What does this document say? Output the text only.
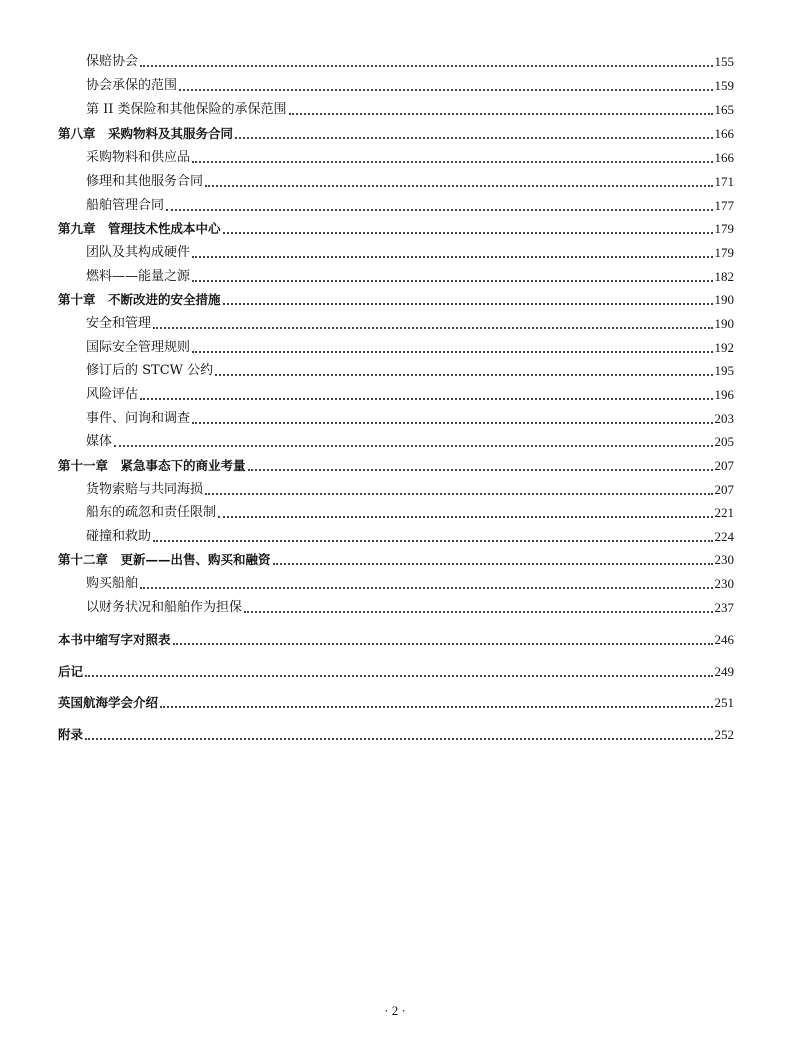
保赔协会	155
协会承保的范围	159
第 II 类保险和其他保险的承保范围	165
第八章　采购物料及其服务合同	166
采购物料和供应品	166
修理和其他服务合同	171
船舶管理合同	177
第九章　管理技术性成本中心	179
团队及其构成硬件	179
燃料——能量之源	182
第十章　不断改进的安全措施	190
安全和管理	190
国际安全管理规则	192
修订后的 STCW 公约	195
风险评估	196
事件、问询和调查	203
媒体	205
第十一章　紧急事态下的商业考量	207
货物索赔与共同海损	207
船东的疏忽和责任限制	221
碰撞和救助	224
第十二章　更新——出售、购买和融资	230
购买船舶	230
以财务状况和船舶作为担保	237
本书中缩写字对照表	246
后记	249
英国航海学会介绍	251
附录	252
· 2 ·
